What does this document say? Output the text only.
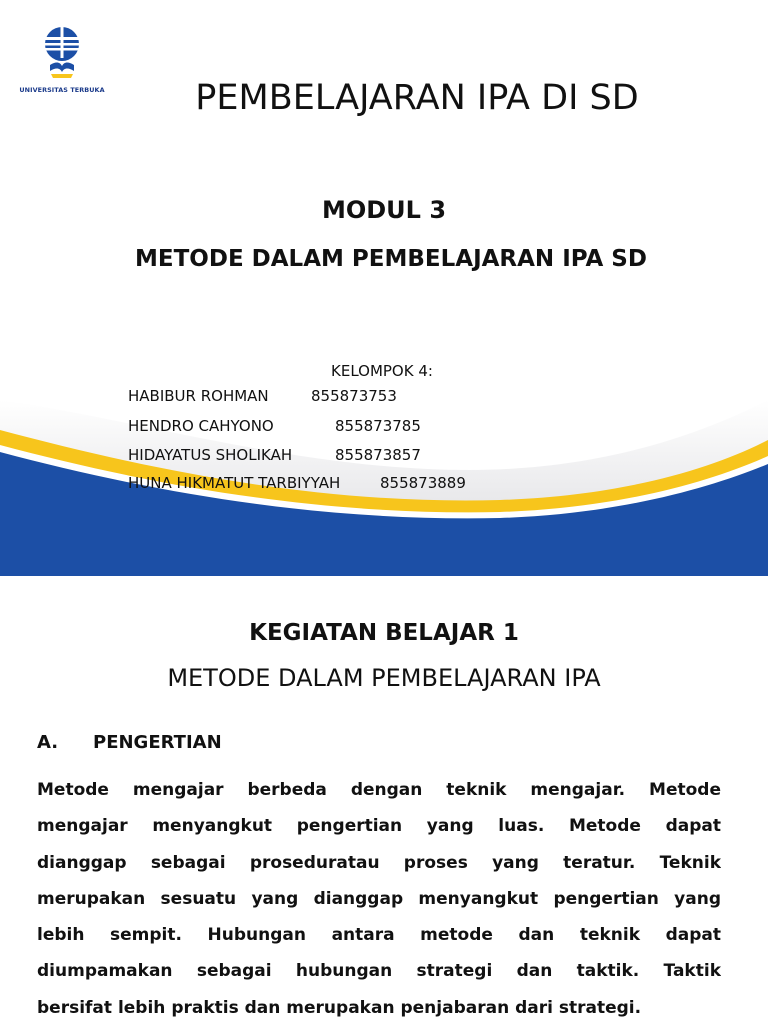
UNIVERSITAS TERBUKA	PEMBELAJARAN IPA DI SD
MODUL 3
METODE DALAM PEMBELAJARAN IPA SD
KELOMPOK 4:
HABIBUR ROHMAN	855873753
HENDRO CAHYONO	855873785
HIDAYATUS SHOLIKAH	855873857
HUNA HIKMATUT TARBIYYAH	855873889
KEGIATAN BELAJAR 1
METODE DALAM PEMBELAJARAN IPA
A. PENGERTIAN
Metode mengajar berbeda dengan teknik mengajar. Metode
mengajar menyangkut pengertian yang luas. Metode dapat
dianggap sebagai proseduratau proses yang teratur. Teknik
merupakan sesuatu yang dianggap menyangkut pengertian yang
lebih sempit. Hubungan antara metode dan teknik dapat
diumpamakan sebagai hubungan strategi dan taktik. Taktik
bersifat lebih praktis dan merupakan penjabaran dari strategi.
